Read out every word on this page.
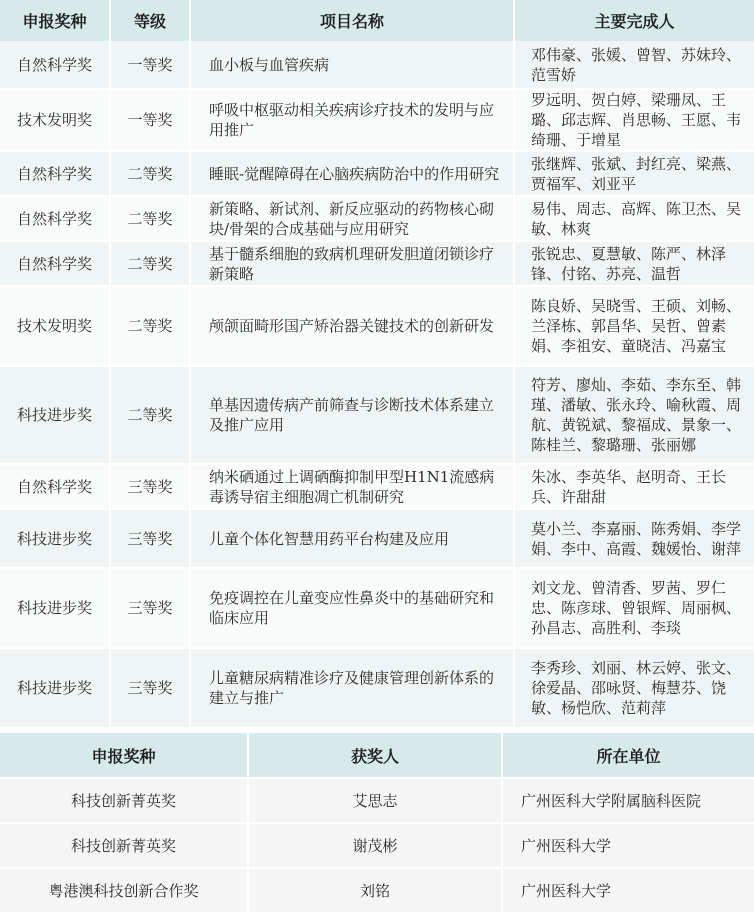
申报奖种	等级	项目名称	主要完成人
自然科学奖	一等奖	血小板与血管疾病	邓伟豪、张媛、曾智、苏妹玲、范雪娇
技术发明奖	一等奖	呼吸中枢驱动相关疾病诊疗技术的发明与应用推广	罗远明、贺白婷、梁珊凤、王璐、邱志辉、肖思畅、王愿、韦绮珊、于增星
自然科学奖	二等奖	睡眠-觉醒障碍在心脑疾病防治中的作用研究	张继辉、张斌、封红亮、梁燕、贾福军、刘亚平
自然科学奖	二等奖	新策略、新试剂、新反应驱动的药物核心砌块/骨架的合成基础与应用研究	易伟、周志、高辉、陈卫杰、吴敏、林爽
自然科学奖	二等奖	基于髓系细胞的致病机理研发胆道闭锁诊疗新策略	张锐忠、夏慧敏、陈严、林泽锋、付铭、苏亮、温哲
技术发明奖	二等奖	颅颌面畸形国产矫治器关键技术的创新研发	陈良娇、吴晓雪、王硕、刘畅、兰泽栋、郭昌华、吴哲、曾素娟、李祖安、童晓洁、冯嘉宝
科技进步奖	二等奖	单基因遗传病产前筛查与诊断技术体系建立及推广应用	符芳、廖灿、李茹、李东至、韩瑾、潘敏、张永玲、喻秋霞、周航、黄锐斌、黎福成、景象一、陈桂兰、黎璐珊、张丽娜
自然科学奖	三等奖	纳米硒通过上调硒酶抑制甲型H1N1流感病毒诱导宿主细胞凋亡机制研究	朱冰、李英华、赵明奇、王长兵、许甜甜
科技进步奖	三等奖	儿童个体化智慧用药平台构建及应用	莫小兰、李嘉丽、陈秀娟、李学娟、李中、高霞、魏媛怡、谢萍
科技进步奖	三等奖	免疫调控在儿童变应性鼻炎中的基础研究和临床应用	刘文龙、曾清香、罗茜、罗仁忠、陈彦球、曾银辉、周丽枫、孙昌志、高胜利、李琰
科技进步奖	三等奖	儿童糖尿病精准诊疗及健康管理创新体系的建立与推广	李秀珍、刘丽、林云婷、张文、徐爱晶、邵咏贤、梅慧芬、饶敏、杨恺欣、范莉萍
申报奖种	获奖人	所在单位
科技创新菁英奖	艾思志	广州医科大学附属脑科医院
科技创新菁英奖	谢茂彬	广州医科大学
粤港澳科技创新合作奖	刘铭	广州医科大学
